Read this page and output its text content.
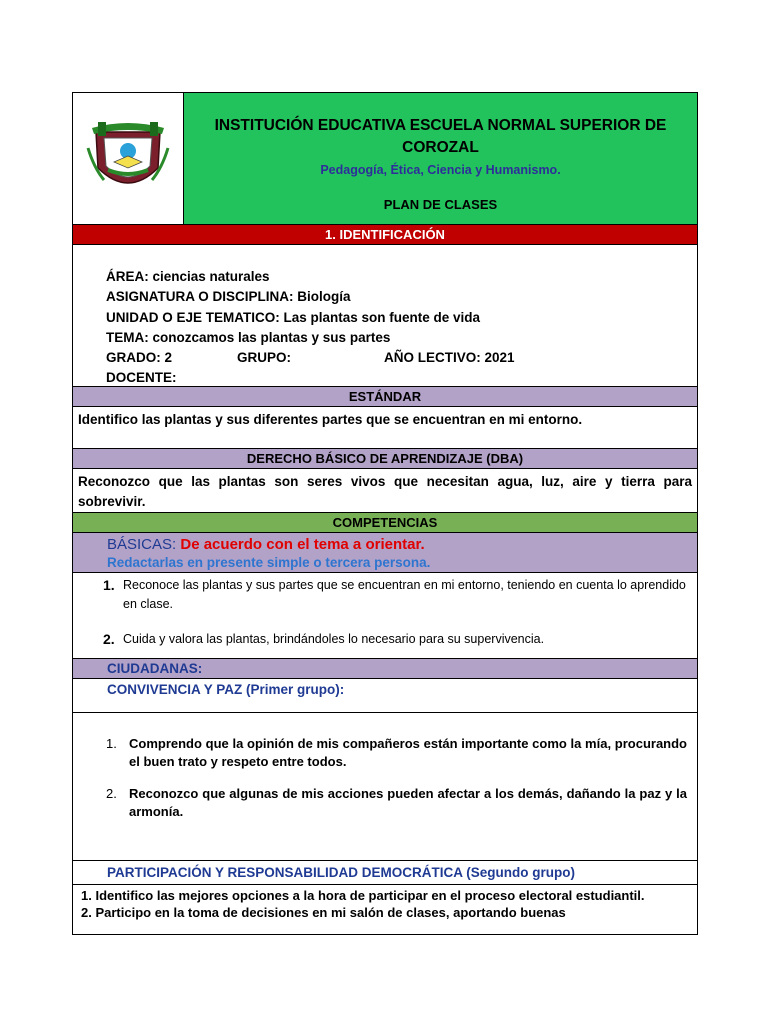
INSTITUCIÓN EDUCATIVA ESCUELA NORMAL SUPERIOR DE COROZAL
Pedagogía, Ética, Ciencia y Humanismo.
PLAN DE CLASES
1. IDENTIFICACIÓN
ÁREA: ciencias naturales
ASIGNATURA O DISCIPLINA: Biología
UNIDAD O EJE TEMATICO: Las plantas son fuente de vida
TEMA: conozcamos las plantas y sus partes
GRADO: 2	GRUPO:	AÑO LECTIVO: 2021
DOCENTE:
ESTÁNDAR
Identifico las plantas y sus diferentes partes que se encuentran en mi entorno.
DERECHO BÁSICO DE APRENDIZAJE (DBA)
Reconozco que las plantas son seres vivos que necesitan agua, luz, aire y tierra para sobrevivir.
COMPETENCIAS
BÁSICAS: De acuerdo con el tema a orientar.
Redactarlas en presente simple o tercera persona.
1. Reconoce las plantas y sus partes que se encuentran en mi entorno, teniendo en cuenta lo aprendido en clase.
2. Cuida y valora las plantas, brindándoles lo necesario para su supervivencia.
CIUDADANAS:
CONVIVENCIA Y PAZ (Primer grupo):
1. Comprendo que la opinión de mis compañeros están importante como la mía, procurando el buen trato y respeto entre todos.
2. Reconozco que algunas de mis acciones pueden afectar a los demás, dañando la paz y la armonía.
PARTICIPACIÓN Y RESPONSABILIDAD DEMOCRÁTICA (Segundo grupo)
1. Identifico las mejores opciones a la hora de participar en el proceso electoral estudiantil.
2. Participo en la toma de decisiones en mi salón de clases, aportando buenas
